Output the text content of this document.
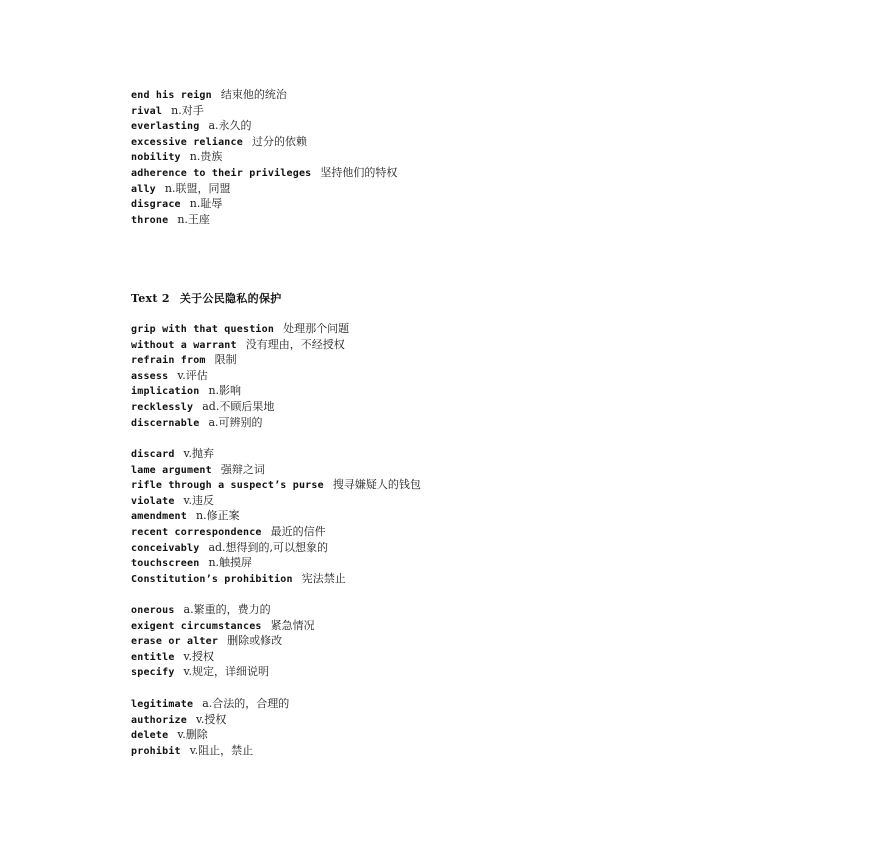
end his reign 结束他的统治
rival n.对手
everlasting a.永久的
excessive reliance 过分的依赖
nobility n.贵族
adherence to their privileges 坚持他们的特权
ally n.联盟，同盟
disgrace n.耻辱
throne n.王座
Text 2 关于公民隐私的保护
grip with that question 处理那个问题
without a warrant 没有理由，不经授权
refrain from 限制
assess v.评估
implication n.影响
recklessly ad.不顾后果地
discernable a.可辨别的
discard v.抛弃
lame argument 强辩之词
rifle through a suspect’s purse 搜寻嫌疑人的钱包
violate v.违反
amendment n.修正案
recent correspondence 最近的信件
conceivably ad.想得到的,可以想象的
touchscreen n.触摸屏
Constitution’s prohibition 宪法禁止
onerous a.繁重的，费力的
exigent circumstances 紧急情况
erase or alter 删除或修改
entitle v.授权
specify v.规定，详细说明
legitimate a.合法的，合理的
authorize v.授权
delete v.删除
prohibit v.阻止，禁止
